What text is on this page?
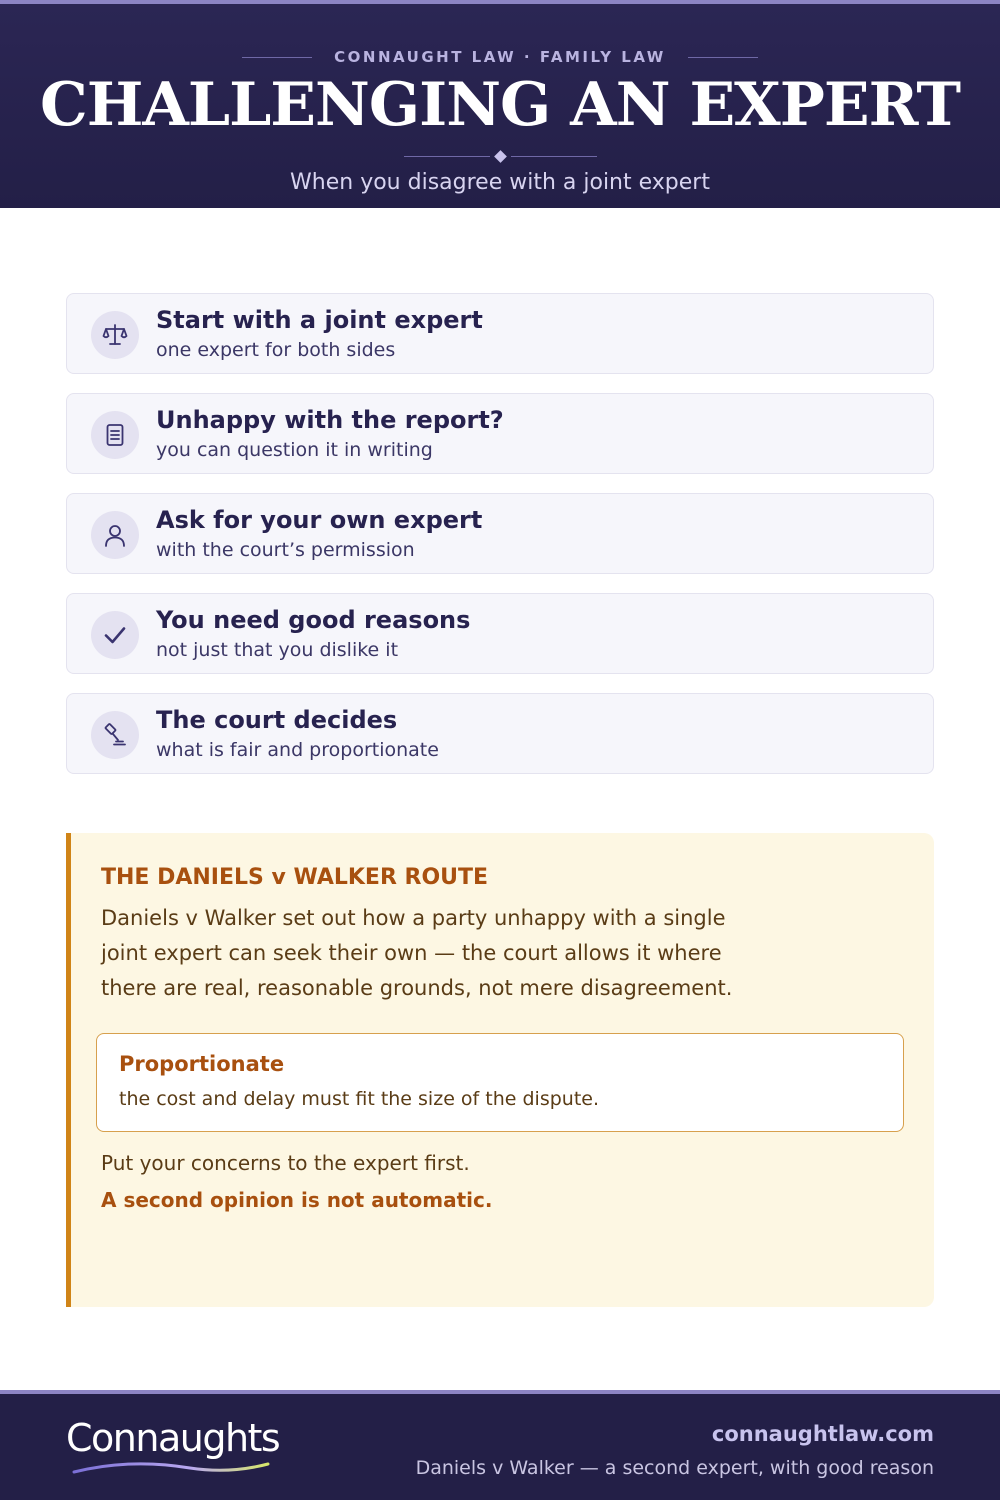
CONNAUGHT LAW · FAMILY LAW
CHALLENGING AN EXPERT
When you disagree with a joint expert
Start with a joint expert
one expert for both sides
Unhappy with the report?
you can question it in writing
Ask for your own expert
with the court’s permission
You need good reasons
not just that you dislike it
The court decides
what is fair and proportionate
THE DANIELS v WALKER ROUTE
Daniels v Walker set out how a party unhappy with a single joint expert can seek their own — the court allows it where there are real, reasonable grounds, not mere disagreement.
Proportionate
the cost and delay must fit the size of the dispute.
Put your concerns to the expert first.
A second opinion is not automatic.
Connaughts	connaughtlaw.com
Daniels v Walker — a second expert, with good reason
